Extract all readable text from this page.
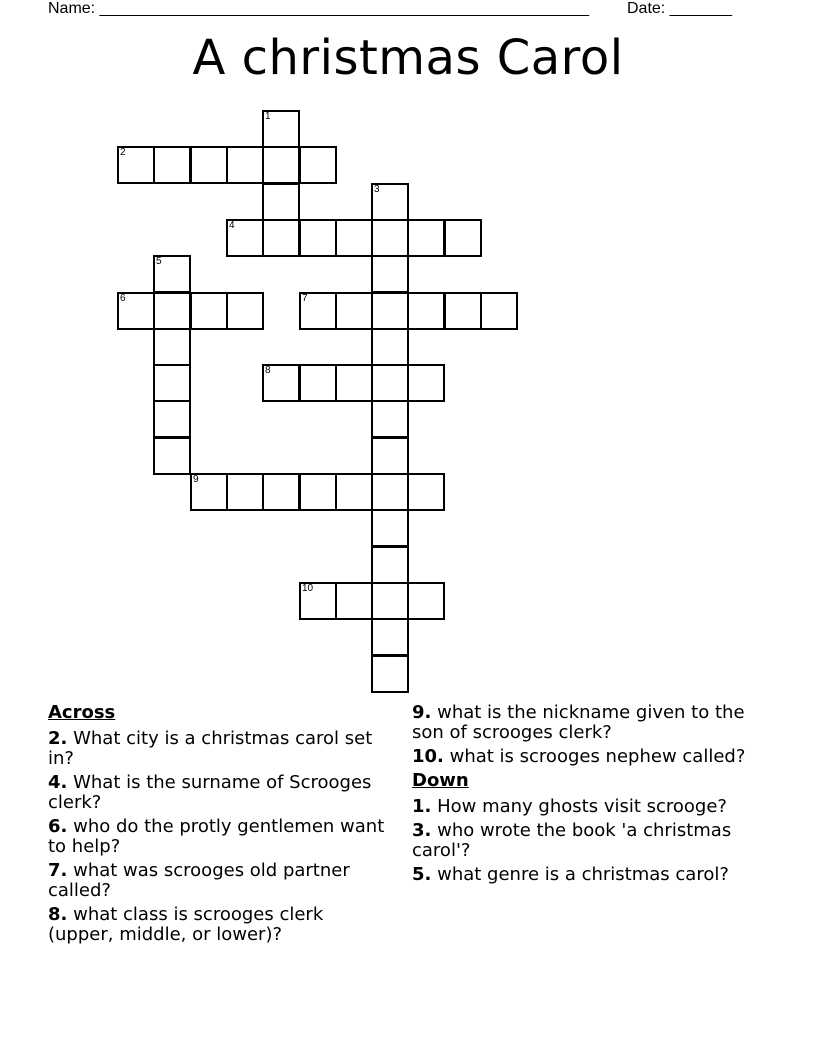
Name: _______________________________________________________ Date: _______
A christmas Carol
1
2
3
4
5
6	7
8
9
10
Across
2. What city is a christmas carol set in?
4. What is the surname of Scrooges clerk?
6. who do the protly gentlemen want to help?
7. what was scrooges old partner called?
8. what class is scrooges clerk (upper, middle, or lower)?
9. what is the nickname given to the son of scrooges clerk?
10. what is scrooges nephew called?
Down
1. How many ghosts visit scrooge?
3. who wrote the book 'a christmas carol'?
5. what genre is a christmas carol?
